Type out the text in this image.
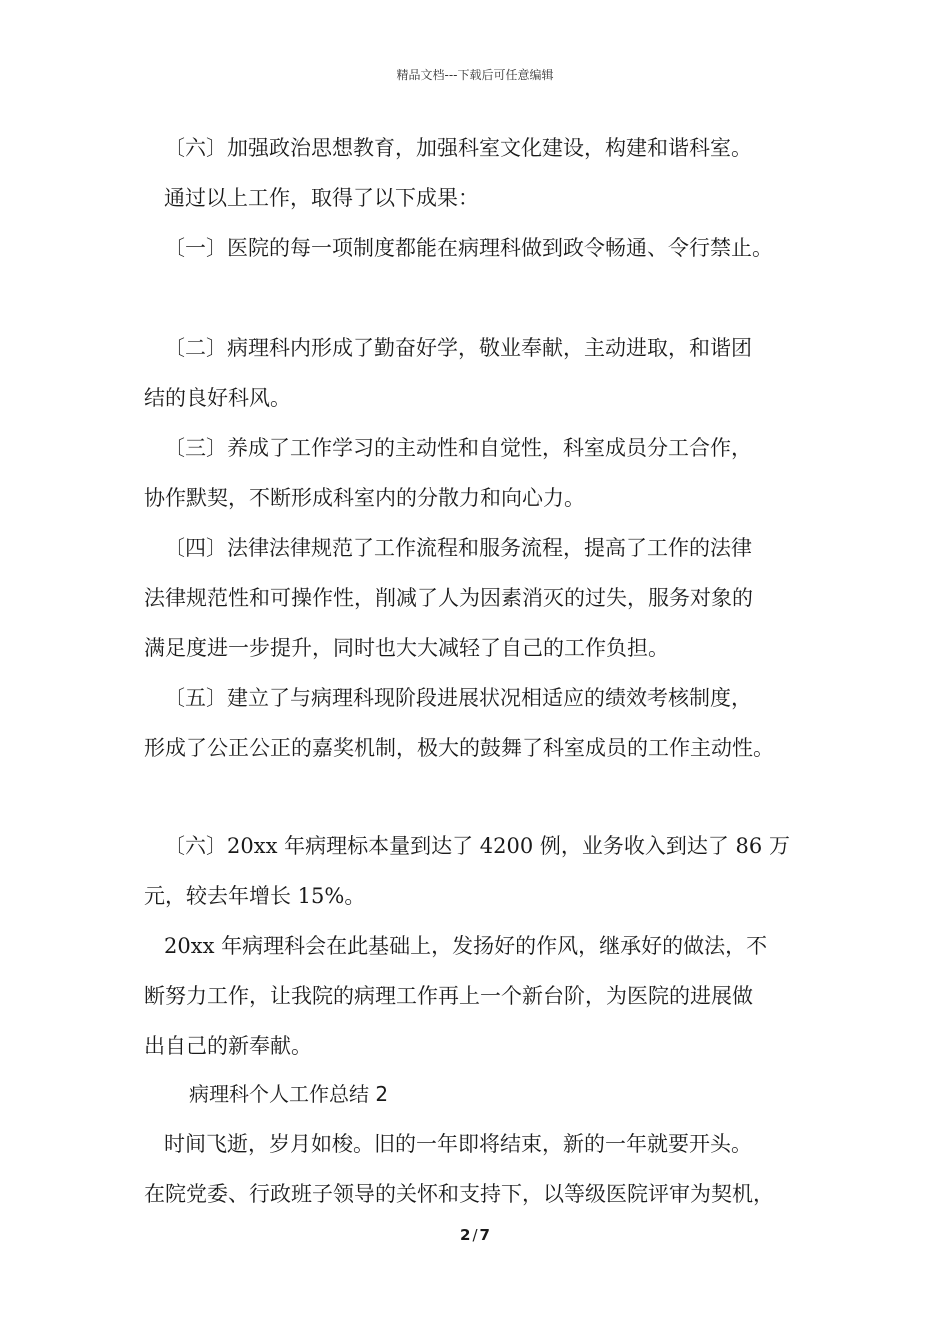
精品文档---下载后可任意编辑
〔六〕加强政治思想教育，加强科室文化建设，构建和谐科室。
通过以上工作，取得了以下成果：
〔一〕医院的每一项制度都能在病理科做到政令畅通、令行禁止。
〔二〕病理科内形成了勤奋好学，敬业奉献，主动进取，和谐团
结的良好科风。
〔三〕养成了工作学习的主动性和自觉性，科室成员分工合作，
协作默契，不断形成科室内的分散力和向心力。
〔四〕法律法律规范了工作流程和服务流程，提高了工作的法律
法律规范性和可操作性，削减了人为因素消灭的过失，服务对象的
满足度进一步提升，同时也大大减轻了自己的工作负担。
〔五〕建立了与病理科现阶段进展状况相适应的绩效考核制度，
形成了公正公正的嘉奖机制，极大的鼓舞了科室成员的工作主动性。
〔六〕20xx 年病理标本量到达了 4200 例，业务收入到达了 86 万
元，较去年增长 15%。
20xx 年病理科会在此基础上，发扬好的作风，继承好的做法，不
断努力工作，让我院的病理工作再上一个新台阶，为医院的进展做
出自己的新奉献。
病理科个人工作总结 2
时间飞逝，岁月如梭。旧的一年即将结束，新的一年就要开头。
在院党委、行政班子领导的关怀和支持下，以等级医院评审为契机，
2 / 7
